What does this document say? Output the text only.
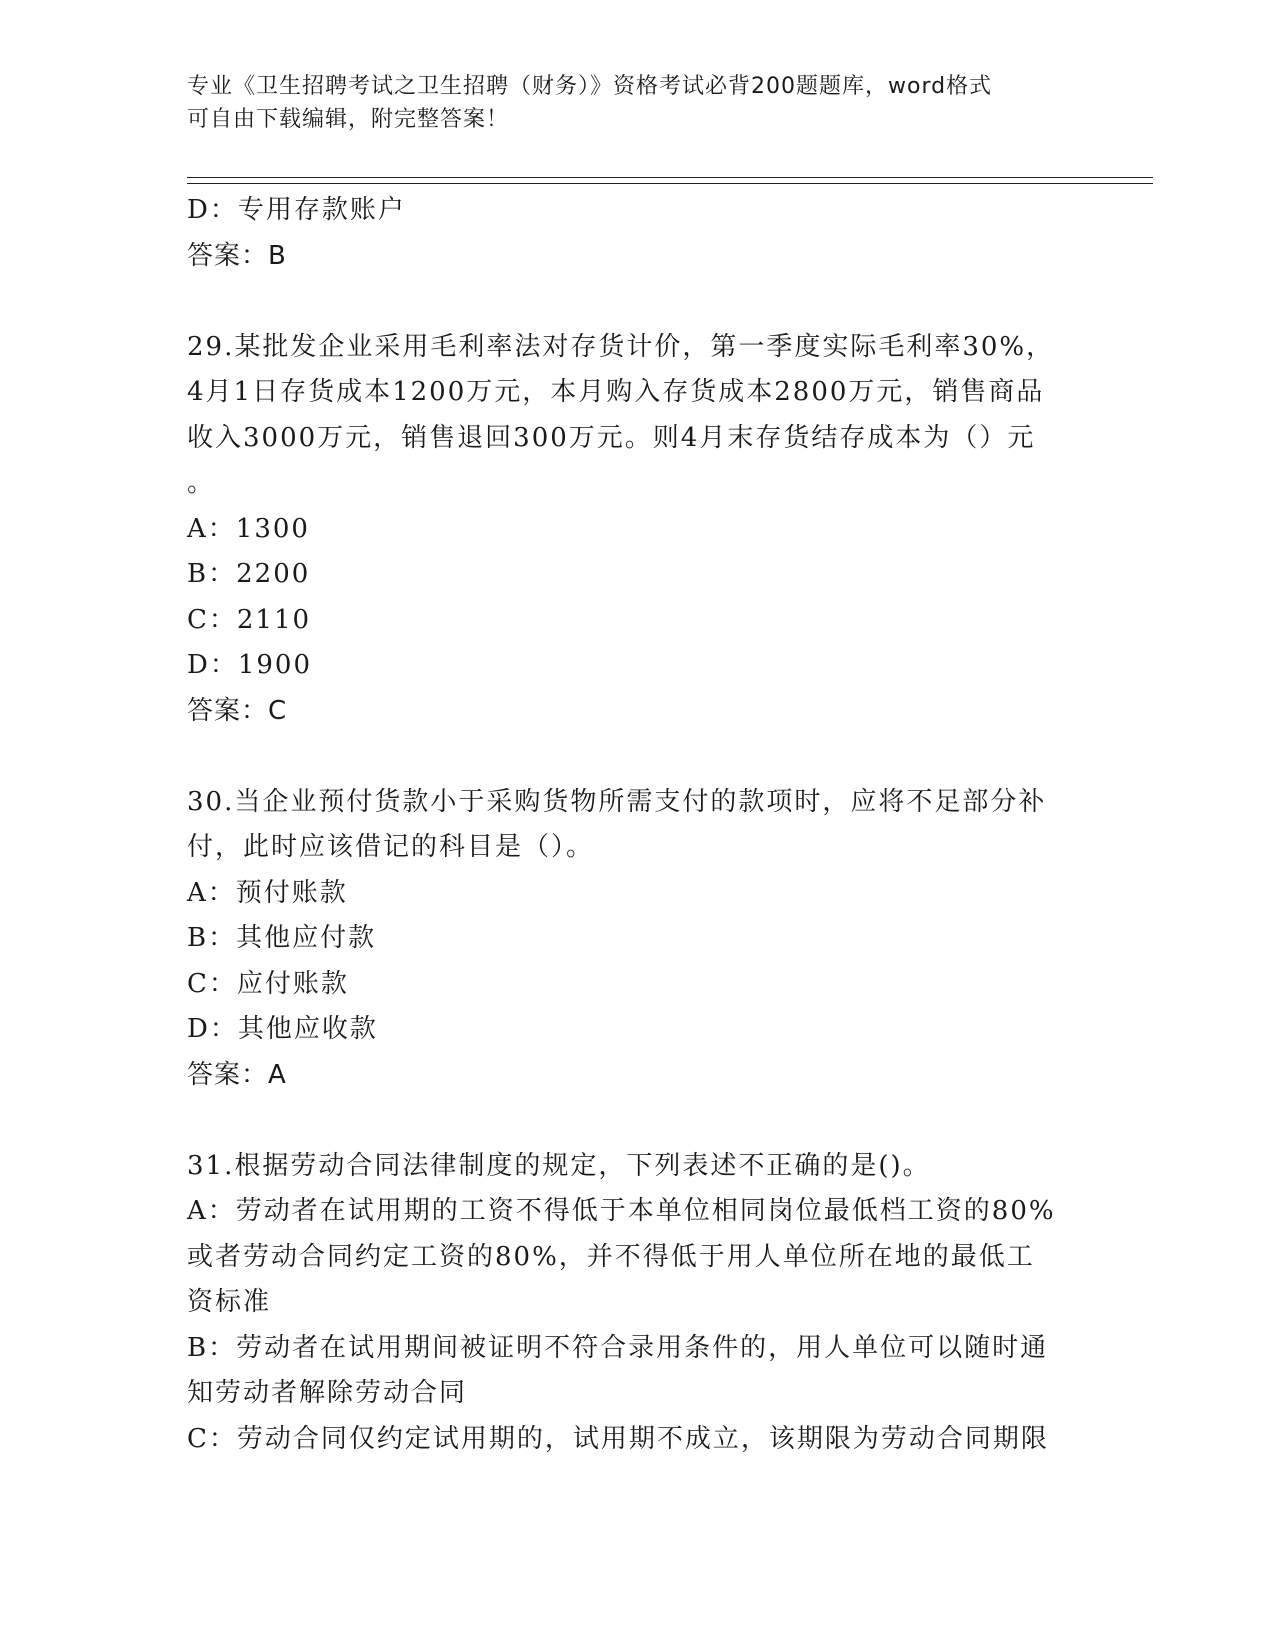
专业《卫生招聘考试之卫生招聘（财务）》资格考试必背200题题库，word格式
可自由下载编辑，附完整答案！
D：专用存款账户
答案：B
29.某批发企业采用毛利率法对存货计价，第一季度实际毛利率30%，
4月1日存货成本1200万元，本月购入存货成本2800万元，销售商品
收入3000万元，销售退回300万元。则4月末存货结存成本为（）元
。
A：1300
B：2200
C：2110
D：1900
答案：C
30.当企业预付货款小于采购货物所需支付的款项时，应将不足部分补
付，此时应该借记的科目是（）。
A：预付账款
B：其他应付款
C：应付账款
D：其他应收款
答案：A
31.根据劳动合同法律制度的规定，下列表述不正确的是()。
A：劳动者在试用期的工资不得低于本单位相同岗位最低档工资的80%
或者劳动合同约定工资的80%，并不得低于用人单位所在地的最低工
资标准
B：劳动者在试用期间被证明不符合录用条件的，用人单位可以随时通
知劳动者解除劳动合同
C：劳动合同仅约定试用期的，试用期不成立，该期限为劳动合同期限
